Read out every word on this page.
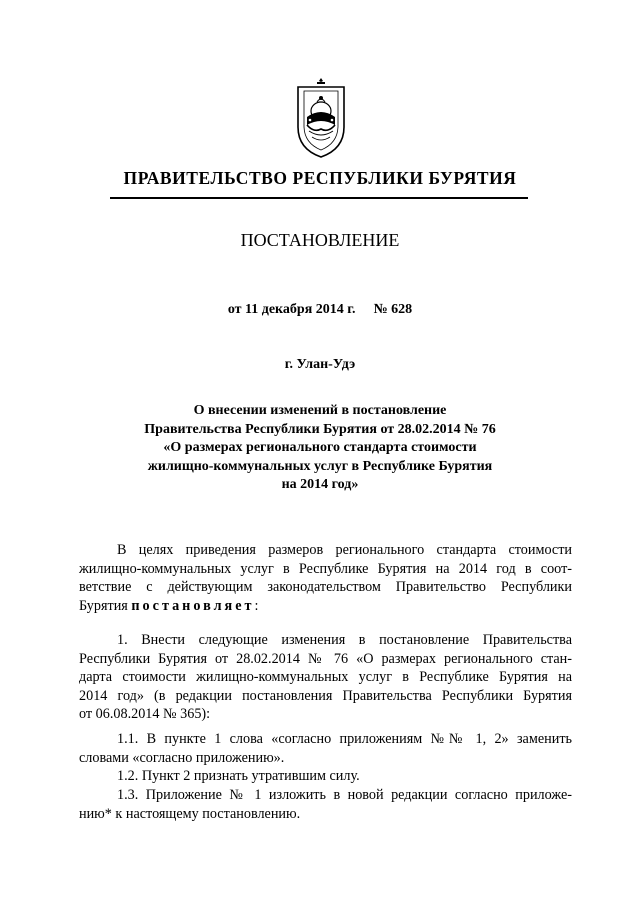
ПРАВИТЕЛЬСТВО РЕСПУБЛИКИ БУРЯТИЯ
ПОСТАНОВЛЕНИЕ
от 11 декабря 2014 г. № 628
г. Улан-Удэ
О внесении изменений в постановление
Правительства Республики Бурятия от 28.02.2014 № 76
«О размерах регионального стандарта стоимости
жилищно-коммунальных услуг в Республике Бурятия
на 2014 год»
В целях приведения размеров регионального стандарта стоимости
жилищно-коммунальных услуг в Республике Бурятия на 2014 год в соот-
ветствие с действующим законодательством Правительство Республики
Бурятия постановляет:
1. Внести следующие изменения в постановление Правительства
Республики Бурятия от 28.02.2014 № 76 «О размерах регионального стан-
дарта стоимости жилищно-коммунальных услуг в Республике Бурятия на
2014 год» (в редакции постановления Правительства Республики Бурятия
от 06.08.2014 № 365):
1.1. В пункте 1 слова «согласно приложениям №№ 1, 2» заменить
словами «согласно приложению».
1.2. Пункт 2 признать утратившим силу.
1.3. Приложение № 1 изложить в новой редакции согласно приложе-
нию* к настоящему постановлению.
